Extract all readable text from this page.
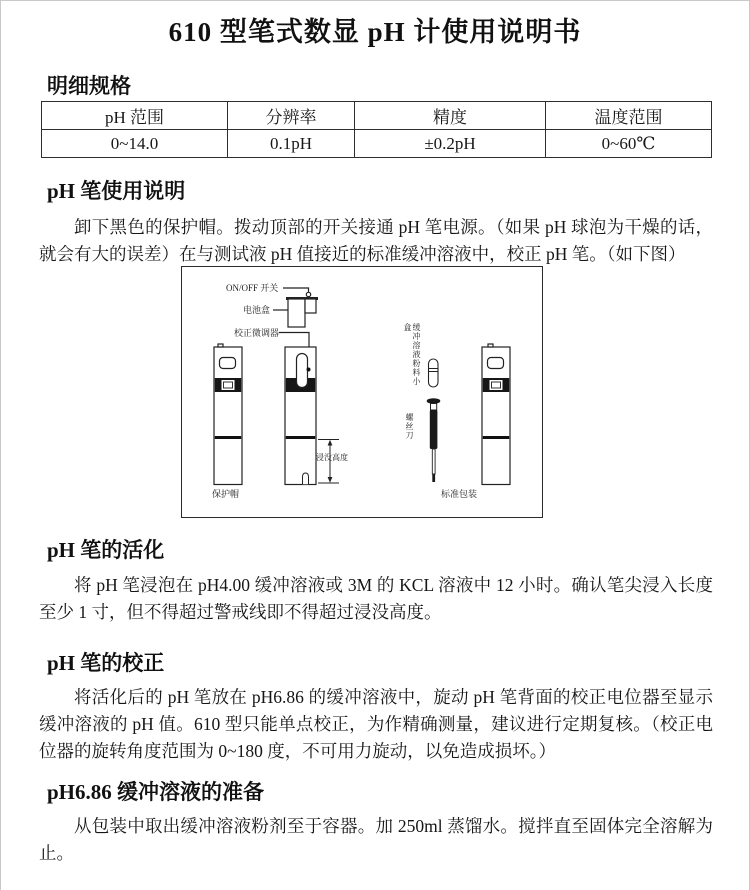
610 型笔式数显 pH 计使用说明书
明细规格
pH 范围	分辨率	精度	温度范围
0~14.0	0.1pH	±0.2pH	0~60℃
pH 笔使用说明

卸下黑色的保护帽。拨动顶部的开关接通 pH 笔电源。（如果 pH 球泡为干燥的话，就会有大的误差）在与测试液 pH 值接近的标准缓冲溶液中，校正 pH 笔。（如下图）

ON/OFF 开关
电池盒
校正微调器
浸没高度
保护帽	标准包装
缓冲溶液粉料小盒
螺丝刀
pH 笔的活化

将 pH 笔浸泡在 pH4.00 缓冲溶液或 3M 的 KCL 溶液中 12 小时。确认笔尖浸入长度至少 1 寸，但不得超过警戒线即不得超过浸没高度。

pH 笔的校正

将活化后的 pH 笔放在 pH6.86 的缓冲溶液中，旋动 pH 笔背面的校正电位器至显示缓冲溶液的 pH 值。610 型只能单点校正，为作精确测量，建议进行定期复核。（校正电位器的旋转角度范围为 0~180 度，不可用力旋动，以免造成损坏。）

pH6.86 缓冲溶液的准备

从包装中取出缓冲溶液粉剂至于容器。加 250ml 蒸馏水。搅拌直至固体完全溶解为止。
